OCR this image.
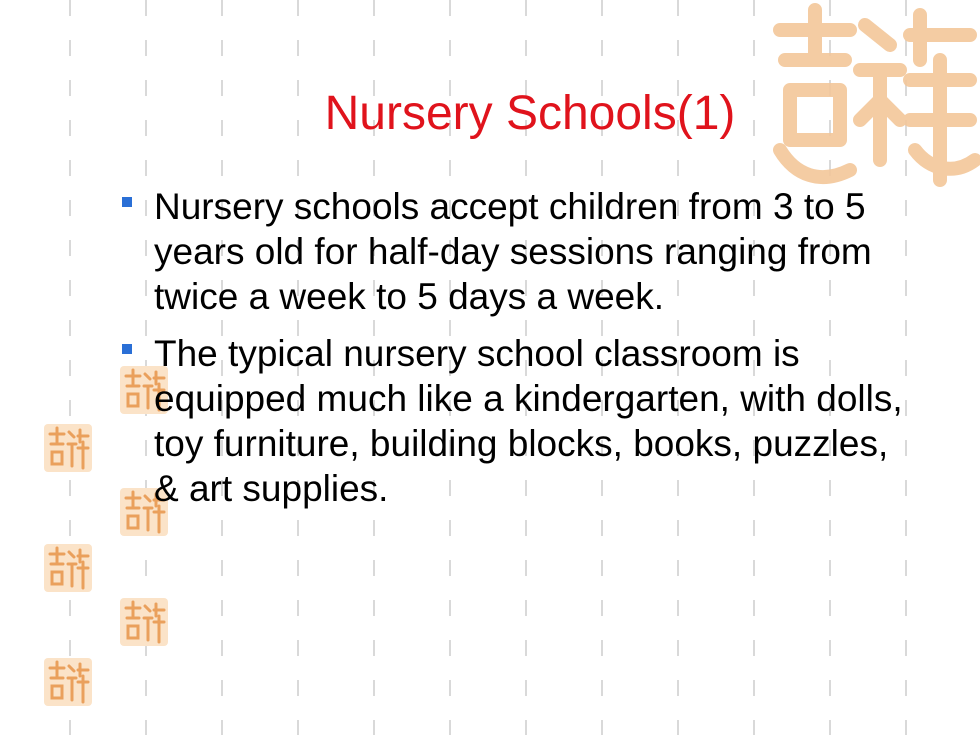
Nursery Schools(1)
Nursery schools accept children from 3 to 5 years old for half-day sessions ranging from twice a week to 5 days a week.
The typical nursery school classroom is equipped much like a kindergarten, with dolls, toy furniture, building blocks, books, puzzles, & art supplies.
